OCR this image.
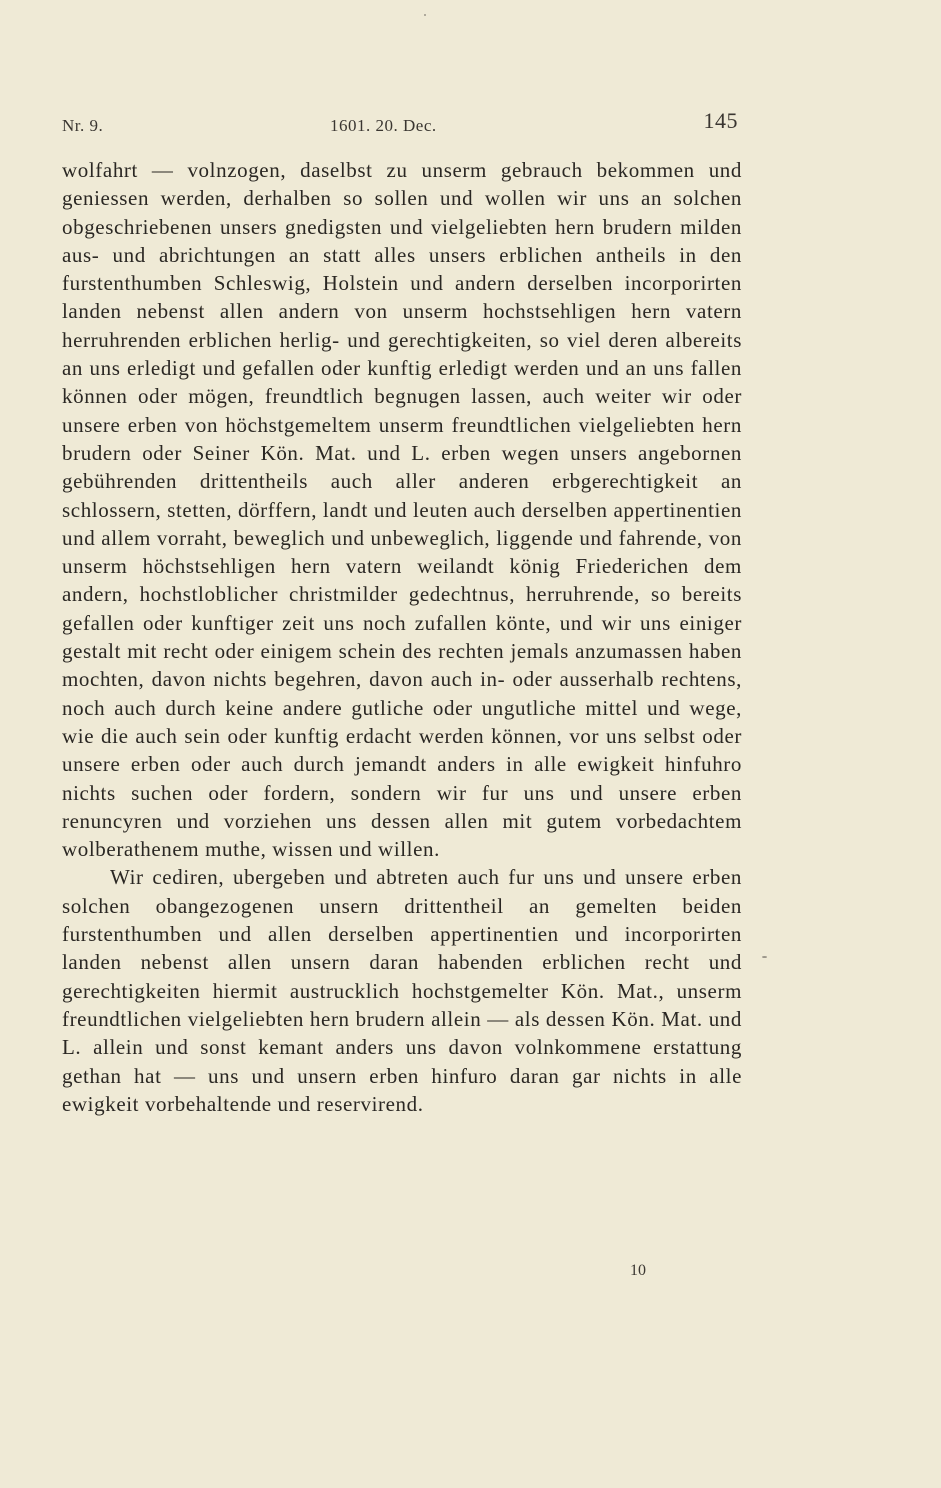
Nr. 9.	1601. 20. Dec.	145

wolfahrt — volnzogen, daselbst zu unserm gebrauch bekommen und geniessen werden, derhalben so sollen und wollen wir uns an solchen obgeschriebenen unsers gnedigsten und vielgeliebten hern brudern milden aus- und abrichtungen an statt alles unsers erblichen antheils in den furstenthumben Schleswig, Holstein und andern derselben incorporirten landen nebenst allen andern von unserm hochstsehligen hern vatern herruhrenden erblichen herlig- und gerechtigkeiten, so viel deren albereits an uns erledigt und gefallen oder kunftig erledigt werden und an uns fallen können oder mögen, freundtlich begnugen lassen, auch weiter wir oder unsere erben von höchstgemeltem unserm freundtlichen vielgeliebten hern brudern oder Seiner Kön. Mat. und L. erben wegen unsers angebornen gebührenden drittentheils auch aller anderen erbgerechtigkeit an schlossern, stetten, dörffern, landt und leuten auch derselben appertinentien und allem vorraht, beweglich und unbeweglich, liggende und fahrende, von unserm höchstsehligen hern vatern weilandt könig Friederichen dem andern, hochstloblicher christmilder gedechtnus, herruhrende, so bereits gefallen oder kunftiger zeit uns noch zufallen könte, und wir uns einiger gestalt mit recht oder einigem schein des rechten jemals anzumassen haben mochten, davon nichts begehren, davon auch in- oder ausserhalb rechtens, noch auch durch keine andere gutliche oder ungutliche mittel und wege, wie die auch sein oder kunftig erdacht werden können, vor uns selbst oder unsere erben oder auch durch jemandt anders in alle ewigkeit hinfuhro nichts suchen oder fordern, sondern wir fur uns und unsere erben renuncyren und vorziehen uns dessen allen mit gutem vorbedachtem wolberathenem muthe, wissen und willen.

Wir cediren, ubergeben und abtreten auch fur uns und unsere erben solchen obangezogenen unsern drittentheil an gemelten beiden furstenthumben und allen derselben appertinentien und incorporirten landen nebenst allen unsern daran habenden erblichen recht und gerechtigkeiten hiermit austrucklich hochstgemelter Kön. Mat., unserm freundtlichen vielgeliebten hern brudern allein — als dessen Kön. Mat. und L. allein und sonst kemant anders uns davon volnkommene erstattung gethan hat — uns und unsern erben hinfuro daran gar nichts in alle ewigkeit vorbehaltende und reservirend.

10
